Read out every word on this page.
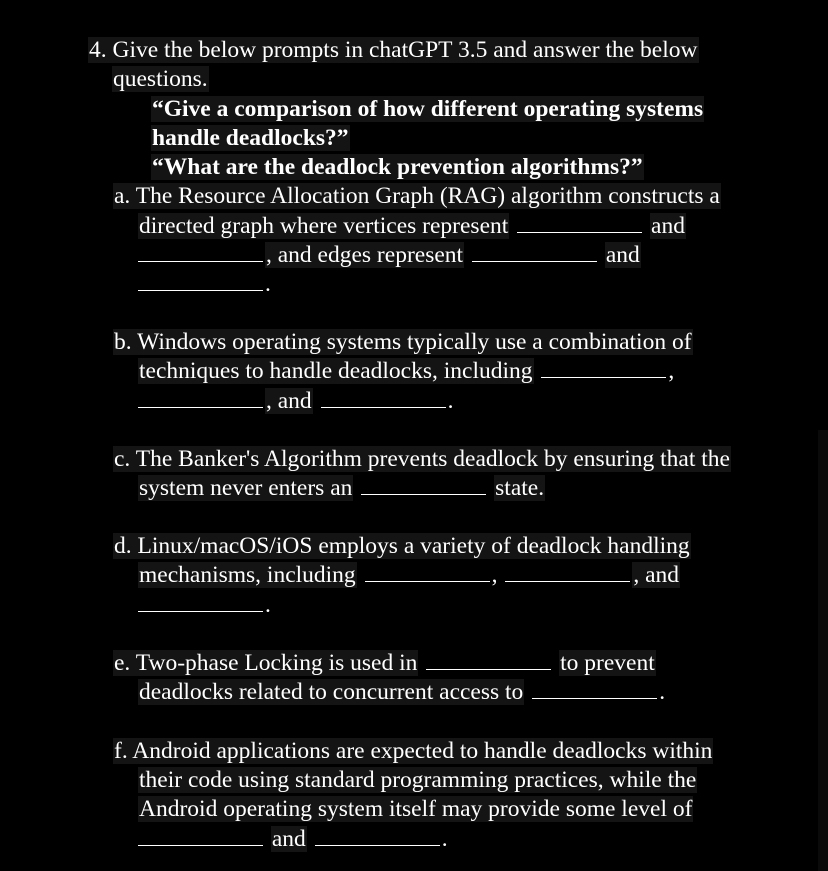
4. Give the below prompts in chatGPT 3.5 and answer the below
questions.
“Give a comparison of how different operating systems
handle deadlocks?”
“What are the deadlock prevention algorithms?”
a. The Resource Allocation Graph (RAG) algorithm constructs a
directed graph where vertices represent	and
, and edges represent	and
.
b. Windows operating systems typically use a combination of
techniques to handle deadlocks, including	,
, and	.
c. The Banker's Algorithm prevents deadlock by ensuring that the
system never enters an	state.
d. Linux/macOS/iOS employs a variety of deadlock handling
mechanisms, including	,	, and
.
e. Two-phase Locking is used in	to prevent
deadlocks related to concurrent access to	.
f. Android applications are expected to handle deadlocks within
their code using standard programming practices, while the
Android operating system itself may provide some level of
and	.
